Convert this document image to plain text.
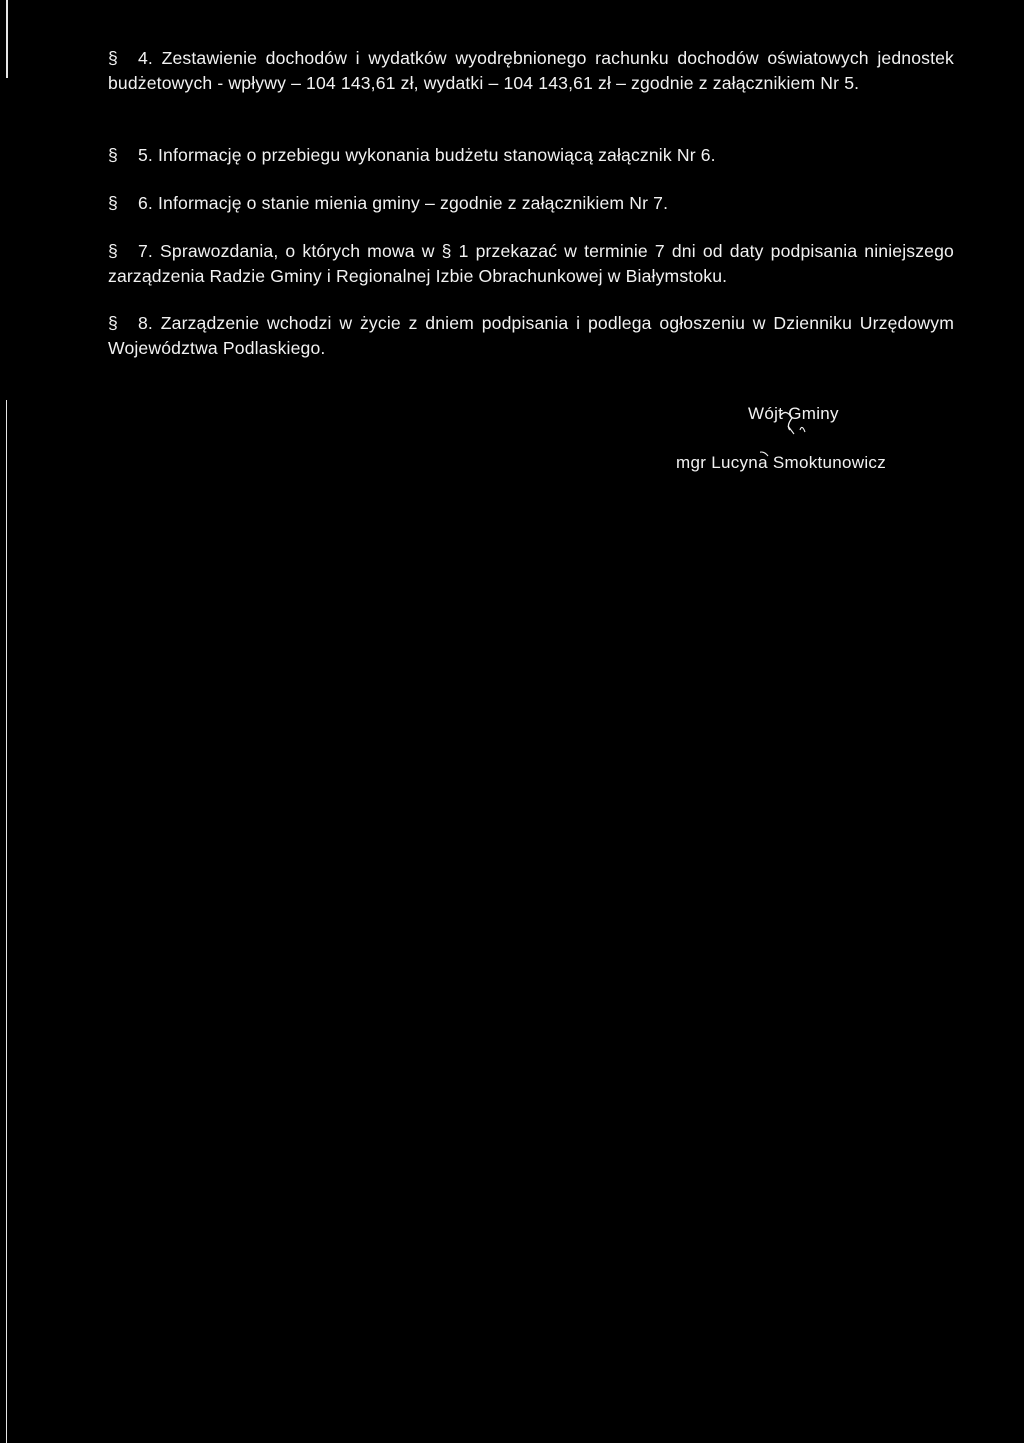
§ 4. Zestawienie dochodów i wydatków wyodrębnionego rachunku dochodów oświatowych jednostek budżetowych - wpływy – 104 143,61 zł, wydatki – 104 143,61 zł – zgodnie z załącznikiem Nr 5.
§ 5. Informację o przebiegu wykonania budżetu stanowiącą załącznik Nr 6.
§ 6. Informację o stanie mienia gminy – zgodnie z załącznikiem Nr 7.
§ 7. Sprawozdania, o których mowa w § 1 przekazać w terminie 7 dni od daty podpisania niniejszego zarządzenia Radzie Gminy i Regionalnej Izbie Obrachunkowej w Białymstoku.
§ 8. Zarządzenie wchodzi w życie z dniem podpisania i podlega ogłoszeniu w Dzienniku Urzędowym Województwa Podlaskiego.
Wójt Gminy
mgr Lucyna Smoktunowicz
